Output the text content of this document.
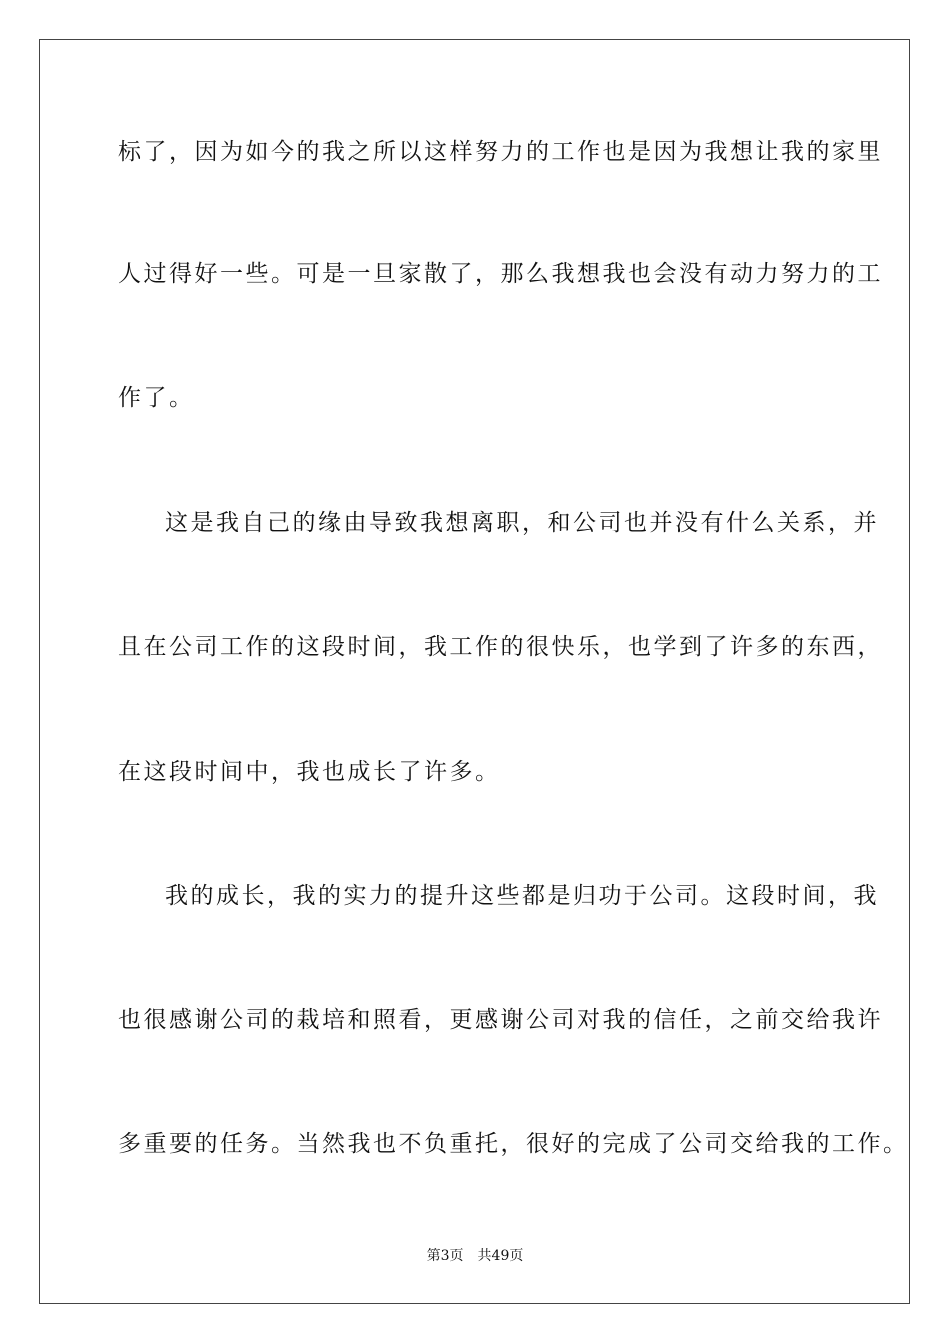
标了，因为如今的我之所以这样努力的工作也是因为我想让我的家里
人过得好一些。可是一旦家散了，那么我想我也会没有动力努力的工
作了。
这是我自己的缘由导致我想离职，和公司也并没有什么关系，并
且在公司工作的这段时间，我工作的很快乐，也学到了许多的东西，
在这段时间中，我也成长了许多。
我的成长，我的实力的提升这些都是归功于公司。这段时间，我
也很感谢公司的栽培和照看，更感谢公司对我的信任，之前交给我许
多重要的任务。当然我也不负重托，很好的完成了公司交给我的工作。
第3页 共49页
